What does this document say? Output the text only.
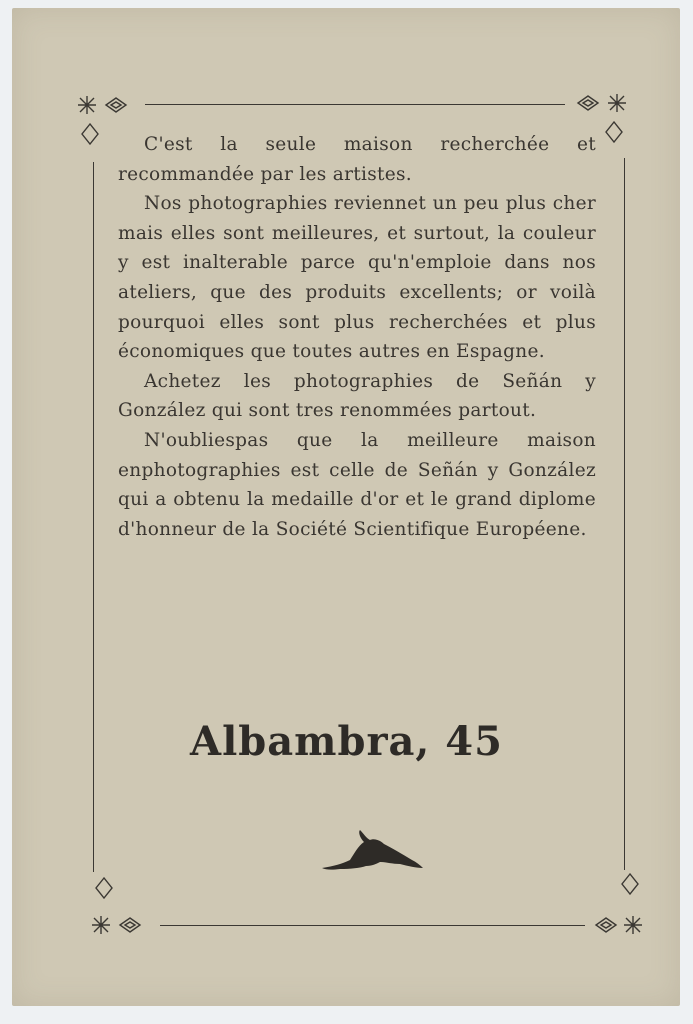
C'est la seule maison recherchée et recommandée par les artistes.

Nos photographies reviennet un peu plus cher mais elles sont meilleures, et surtout, la couleur y est inalterable parce qu'n'emploie dans nos ateliers, que des produits excellents; or voilà pourquoi elles sont plus recherchées et plus économiques que toutes autres en Espagne.

Achetez les photographies de Señán y González qui sont tres renommées partout.

N'oubliespas que la meilleure maison enphotographies est celle de Señán y González qui a obtenu la medaille d'or et le grand diplome d'honneur de la Société Scientifique Européene.

Albambra, 45
